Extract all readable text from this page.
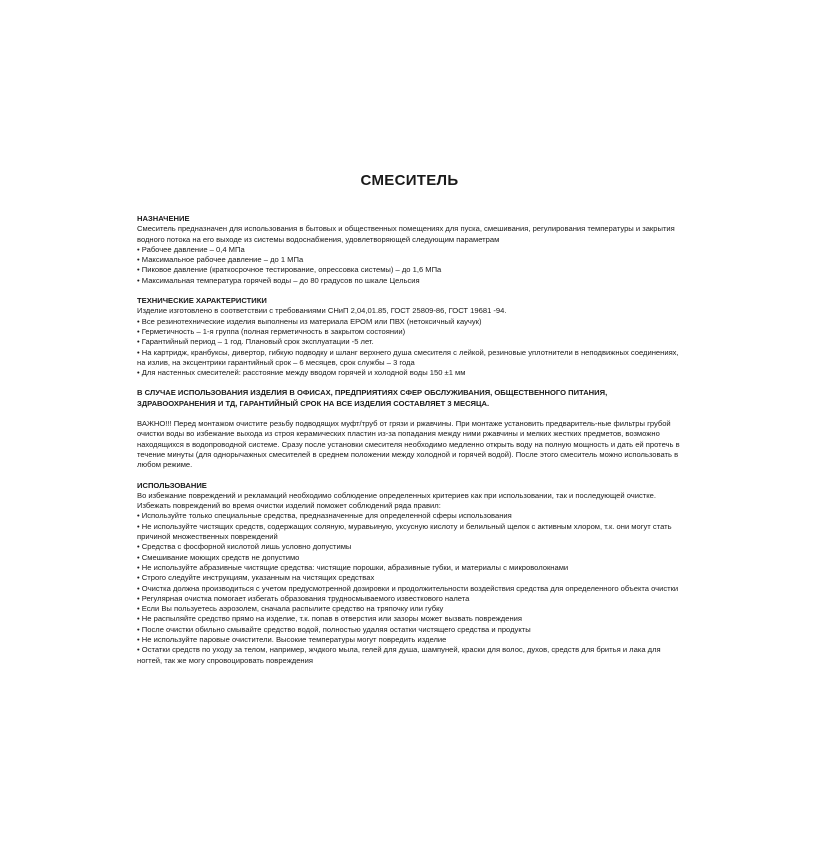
СМЕСИТЕЛЬ
НАЗНАЧЕНИЕ

Смеситель предназначен для использования в бытовых и общественных помещениях для пуска, смешивания, регулирования температуры и закрытия водного потока на его выходе из системы водоснабжения, удовлетворяющей следующим параметрам

• Рабочее давление – 0,4 МПа
• Максимальное рабочее давление – до 1 МПа
• Пиковое давление (краткосрочное тестирование, опрессовка системы) – до 1,6 МПа
• Максимальная температура горячей воды – до 80 градусов по шкале Цельсия
ТЕХНИЧЕСКИЕ ХАРАКТЕРИСТИКИ

Изделие изготовлено в соответствии с требованиями СНиП 2,04,01.85, ГОСТ 25809-86, ГОСТ 19681 -94.

• Все резинотехнические изделия выполнены из материала ЕРОМ или ПВХ (нетоксичный каучук)
• Герметичность – 1-я группа (полная герметичность в закрытом состоянии)
• Гарантийный период – 1 год. Плановый срок эксплуатации -5 лет.
• На картридж, кранбуксы, дивертор, гибкую подводку и шланг верхнего душа смесителя с лейкой, резиновые уплотнители в неподвижных соединениях, на излив, на эксцентрики гарантийный срок – 6 месяцев, срок службы – 3 года
• Для настенных смесителей: расстояние между вводом горячей и холодной воды 150 ±1 мм

В СЛУЧАЕ ИСПОЛЬЗОВАНИЯ ИЗДЕЛИЯ В ОФИСАХ, ПРЕДПРИЯТИЯХ СФЕР ОБСЛУЖИВАНИЯ, ОБЩЕСТВЕННОГО ПИТАНИЯ, ЗДРАВООХРАНЕНИЯ И ТД, ГАРАНТИЙНЫЙ СРОК НА ВСЕ ИЗДЕЛИЯ СОСТАВЛЯЕТ 3 МЕСЯЦА.

ВАЖНО!!! Перед монтажом очистите резьбу подводящих муфт/труб от грязи и ржавчины. При монтаже установить предваритель-ные фильтры грубой очистки воды во избежание выхода из строя керамических пластин из-за попадания между ними ржавчины и мелких жестких предметов, возможно находящихся в водопроводной системе. Сразу после установки смесителя необходимо медленно открыть воду на полную мощность и дать ей протечь в течение минуты (для однорычажных смесителей в среднем положении между холодной и горячей водой). После этого смеситель можно использовать в любом режиме.

ИСПОЛЬЗОВАНИЕ

Во избежание повреждений и рекламаций необходимо соблюдение определенных критериев как при использовании, так и последующей очистке. Избежать повреждений во время очистки изделий поможет соблюдений ряда правил:

• Используйте только специальные средства, предназначенные для определенной сферы использования
• Не используйте чистящих средств, содержащих соляную, муравьиную, уксусную кислоту и белильный щелок с активным хлором, т.к. они могут стать причиной множественных повреждений
• Средства с фосфорной кислотой лишь условно допустимы
• Смешивание моющих средств не допустимо
• Не используйте абразивные чистящие средства: чистящие порошки, абразивные губки, и материалы с микроволокнами
• Строго следуйте инструкциям, указанным на чистящих средствах
• Очистка должна производиться с учетом предусмотренной дозировки и продолжительности воздействия средства для определенного объекта очистки
• Регулярная очистка помогает избегать образования трудносмываемого известкового налета
• Если Вы пользуетесь аэрозолем, сначала распылите средство на тряпочку или губку
• Не распыляйте средство прямо на изделие, т.к. попав в отверстия или зазоры может вызвать повреждения
• После очистки обильно смывайте средство водой, полностью удаляя остатки чистящего средства и продукты
• Не используйте паровые очистители. Высокие температуры могут повредить изделие
• Остатки средств по уходу за телом, например, жчдкого мыла, гелей для душа, шампуней, краски для волос, духов, средств для бритья и лака для ногтей, так же могу спровоцировать повреждения
